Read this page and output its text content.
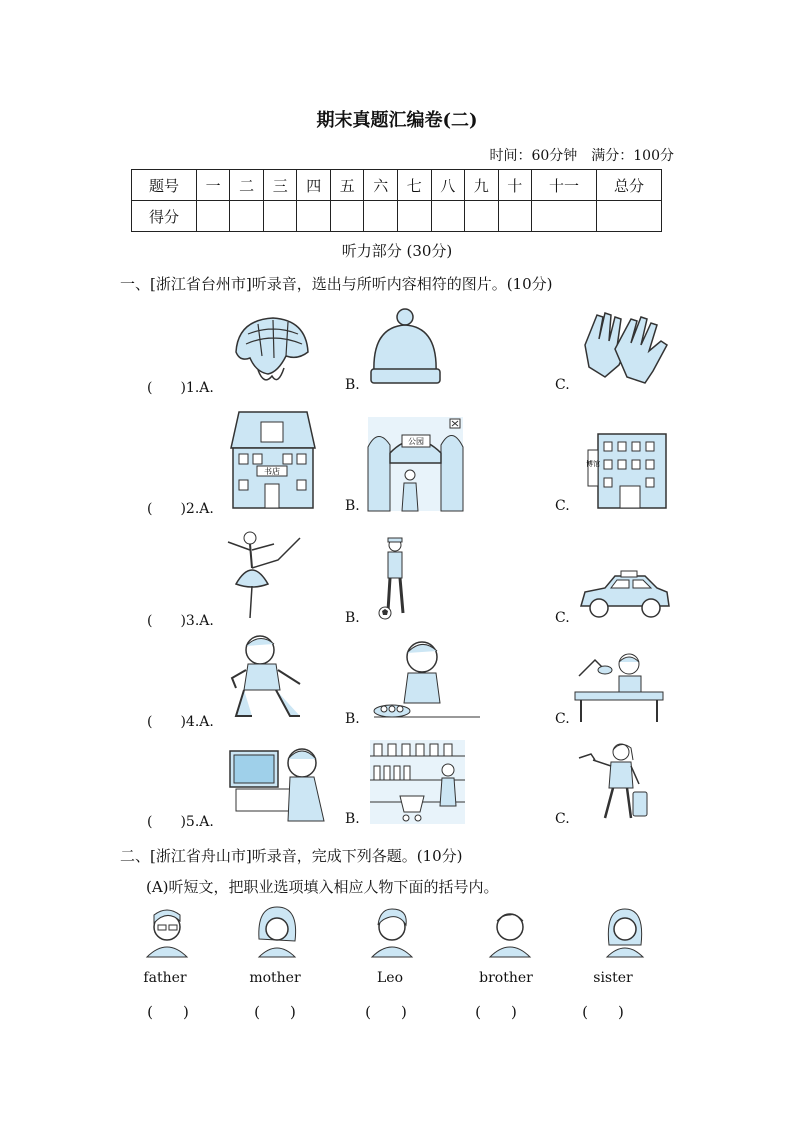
期末真题汇编卷(二)
时间：60分钟　满分：100分
题号	一	二	三	四	五	六	七	八	九	十	十一	总分
得分												
听力部分 (30分)
一、[浙江省台州市]听录音，选出与所听内容相符的图片。(10分)
(　　)1.A.	B.	C.
(　　)2.A.	B.	C.
书店
公园
博馆
(　　)3.A.	B.	C.
(　　)4.A.	B.	C.
(　　)5.A.	B.	C.
二、[浙江省舟山市]听录音，完成下列各题。(10分)
(A)听短文，把职业选项填入相应人物下面的括号内。
father	mother	Leo	brother	sister
(　　)	(　　)	(　　)	(　　)	(　　)
